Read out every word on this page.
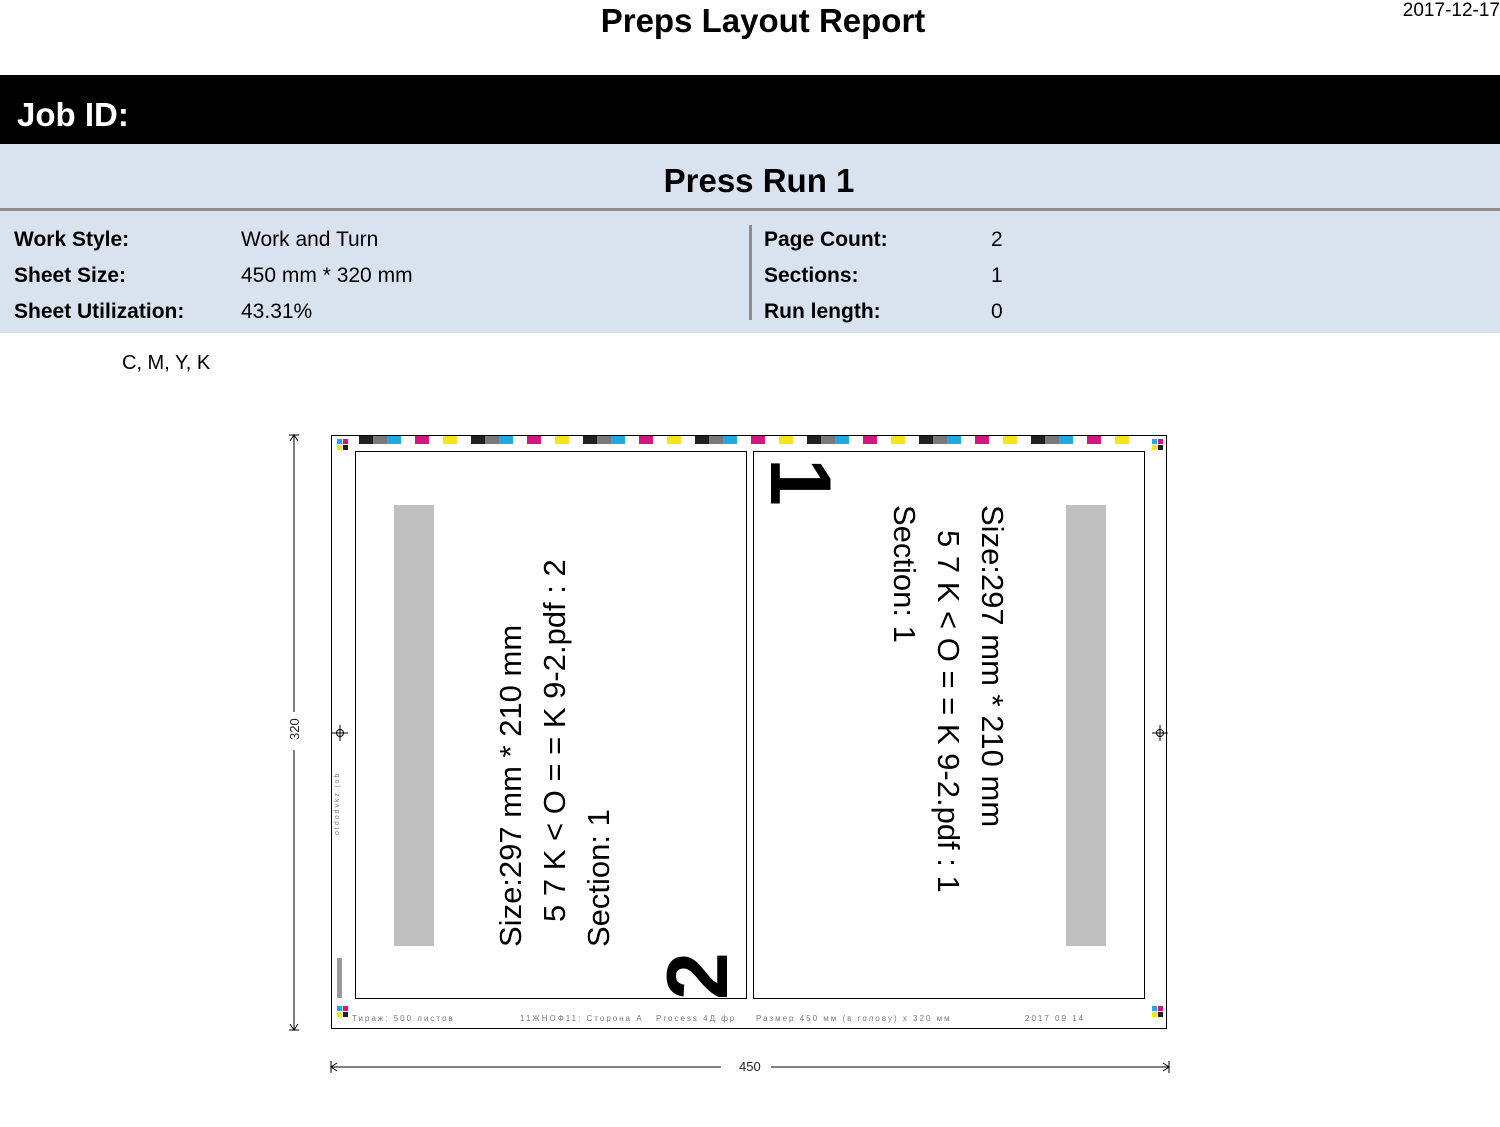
Preps Layout Report	2017-12-17
Job ID:
Press Run 1
Work Style:	Work and Turn
Sheet Size:	450 mm * 320 mm
Sheet Utilization:	43.31%
Page Count:	2
Sections:	1
Run length:	0
C, M, Y, K
320
450
otdodvkz.job	Size:297 mm * 210 mm 5 7 K < O = = K 9-2.pdf : 2 Section: 1
2
Size:297 mm * 210 mm
5 7 K < O = = K 9-2.pdf : 1
Section: 1
1
Тираж: 500 листов	11ЖНОФ11: Сторона А Process 4Д фр Размер 450 мм (в голову) х 320 мм	2017 09 14
